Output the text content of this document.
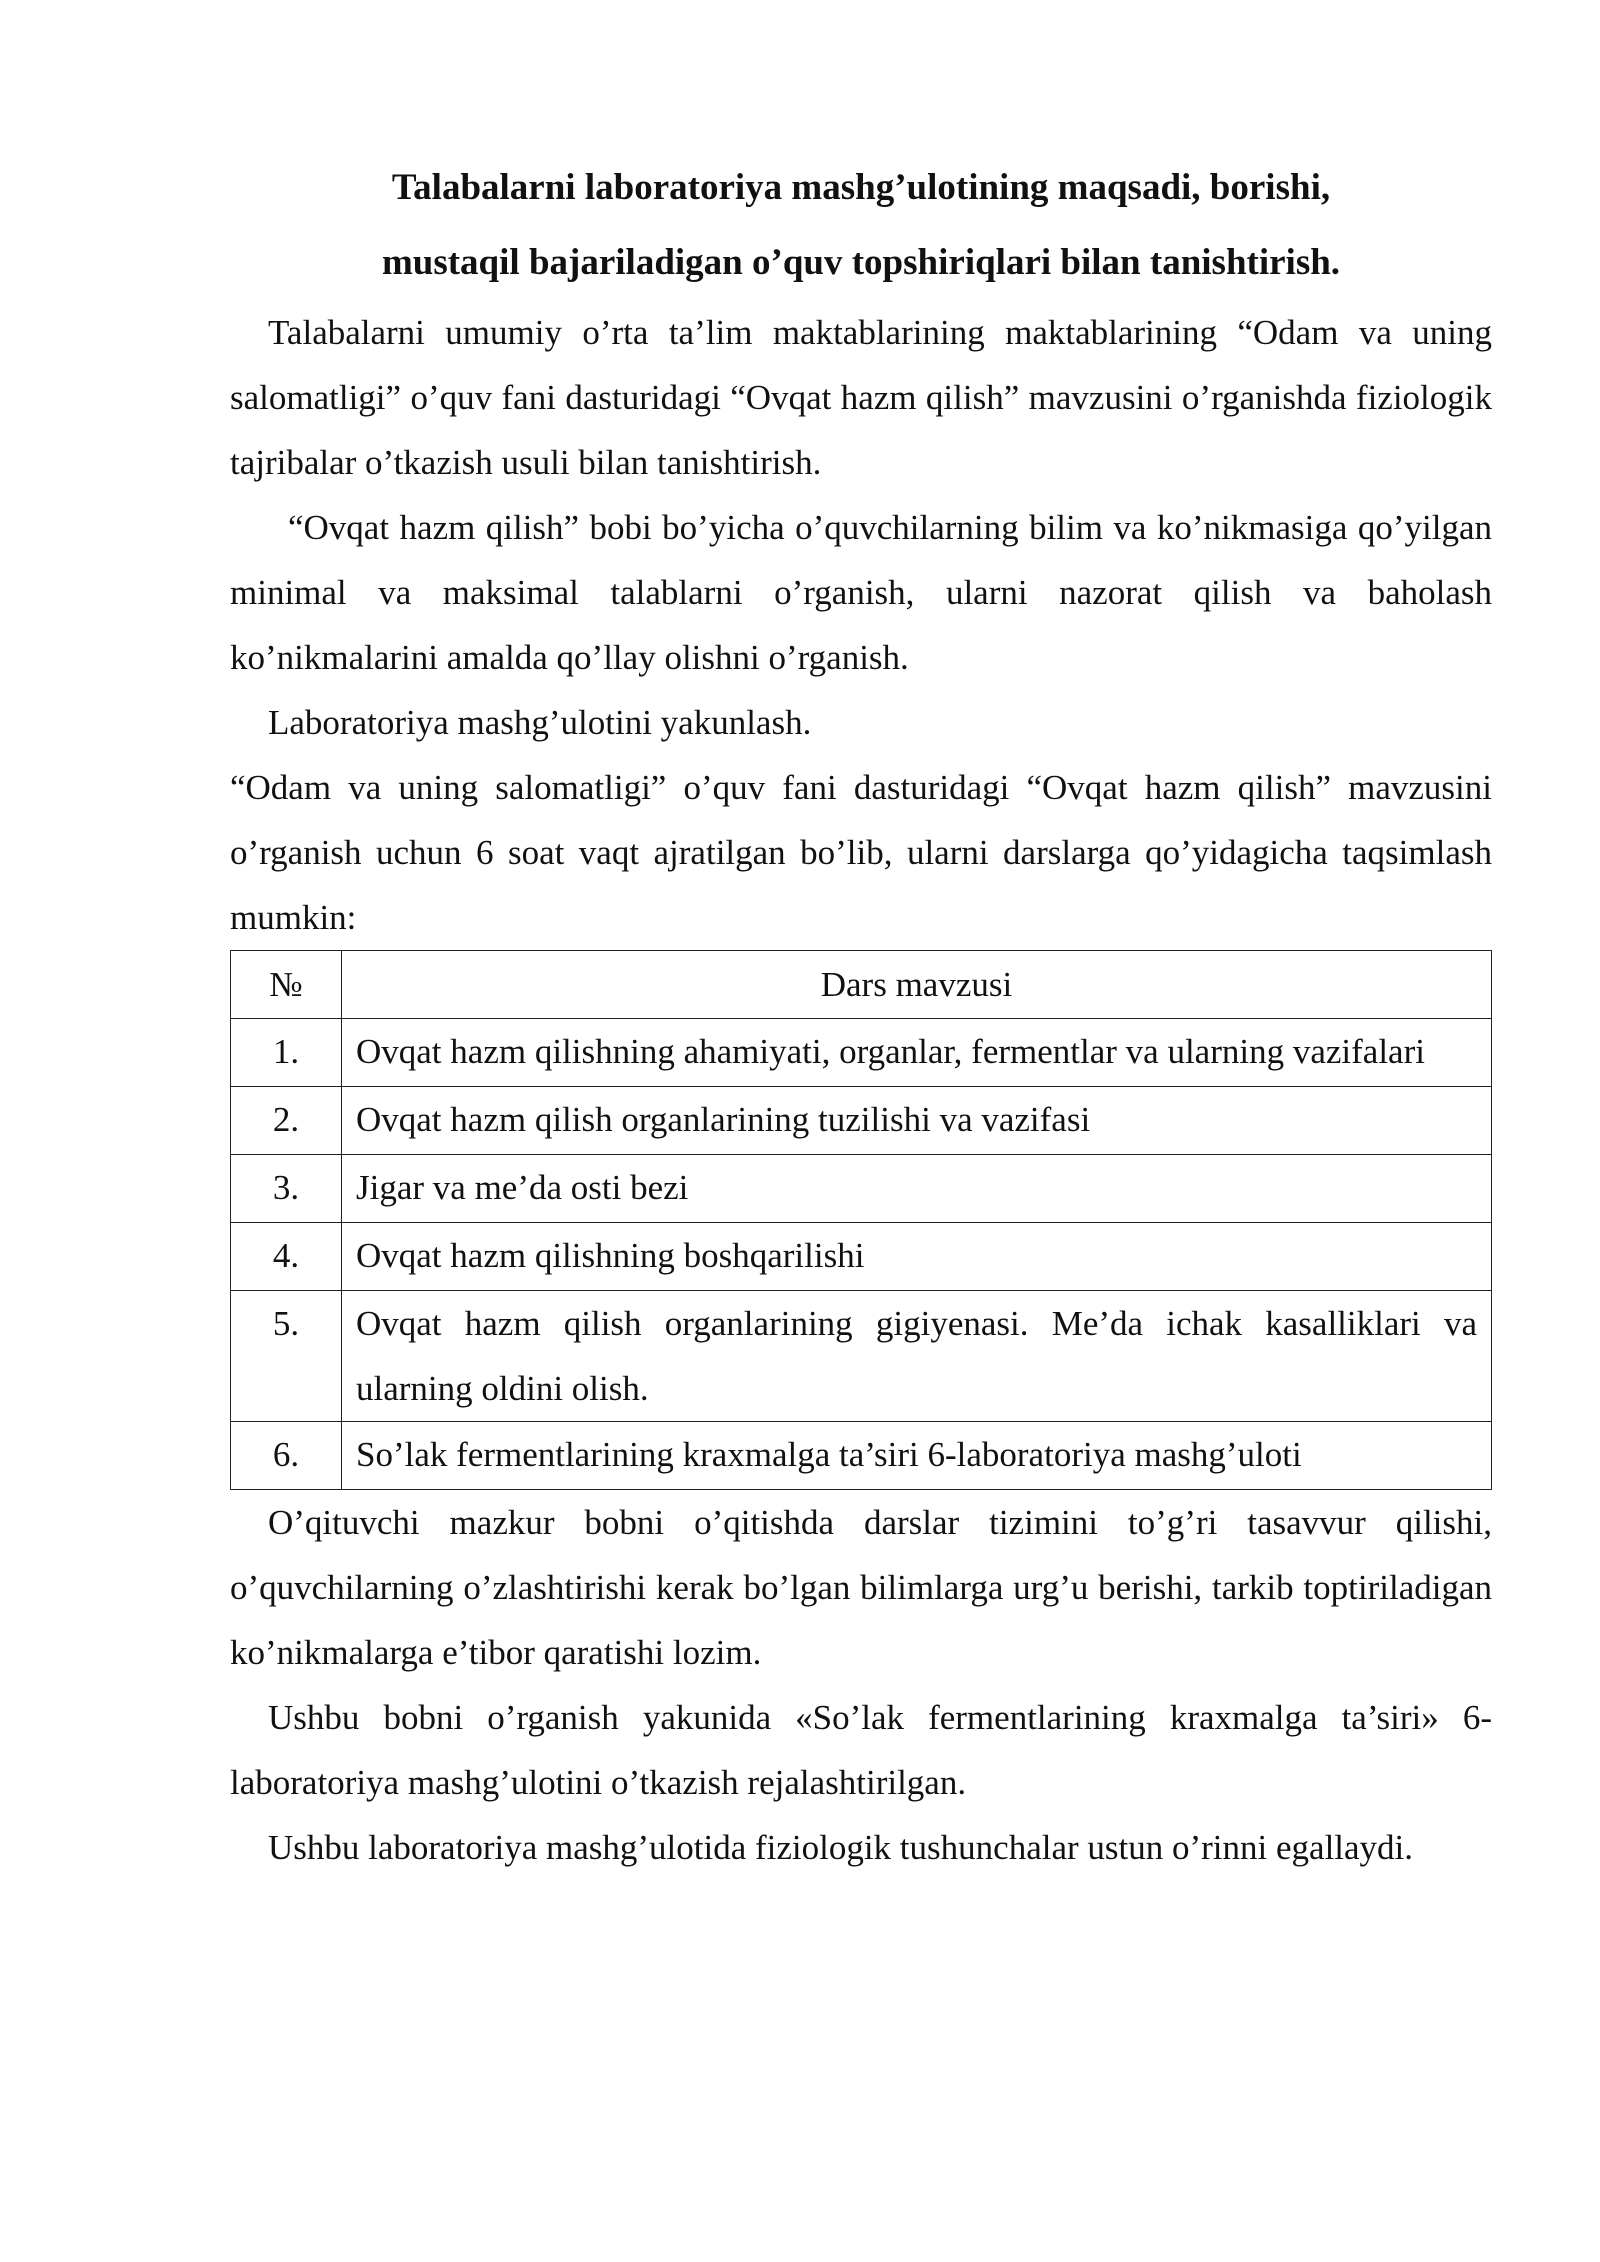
Talabalarni laboratoriya mashg’ulotining maqsadi, borishi,
mustaqil bajariladigan o’quv topshiriqlari bilan tanishtirish.

Talabalarni umumiy o’rta ta’lim maktablarining maktablarining “Odam va uning salomatligi” o’quv fani dasturidagi “Ovqat hazm qilish” mavzusini o’rganishda fiziologik tajribalar o’tkazish usuli bilan tanishtirish.

“Ovqat hazm qilish” bobi bo’yicha o’quvchilarning bilim va ko’nikmasiga qo’yilgan minimal va maksimal talablarni o’rganish, ularni nazorat qilish va baholash ko’nikmalarini amalda qo’llay olishni o’rganish.

Laboratoriya mashg’ulotini yakunlash.

“Odam va uning salomatligi” o’quv fani dasturidagi “Ovqat hazm qilish” mavzusini o’rganish uchun 6 soat vaqt ajratilgan bo’lib, ularni darslarga qo’yidagicha taqsimlash mumkin:

№	Dars mavzusi
1.	Ovqat hazm qilishning ahamiyati, organlar, fermentlar va ularning vazifalari
2.	Ovqat hazm qilish organlarining tuzilishi va vazifasi
3.	Jigar va me’da osti bezi
4.	Ovqat hazm qilishning boshqarilishi
5.	Ovqat hazm qilish organlarining gigiyenasi. Me’da ichak kasalliklari va ularning oldini olish.
6.	So’lak fermentlarining kraxmalga ta’siri 6-laboratoriya mashg’uloti

O’qituvchi mazkur bobni o’qitishda darslar tizimini to’g’ri tasavvur qilishi, o’quvchilarning o’zlashtirishi kerak bo’lgan bilimlarga urg’u berishi, tarkib toptiriladigan ko’nikmalarga e’tibor qaratishi lozim.

Ushbu bobni o’rganish yakunida «So’lak fermentlarining kraxmalga ta’siri» 6-laboratoriya mashg’ulotini o’tkazish rejalashtirilgan.

Ushbu laboratoriya mashg’ulotida fiziologik tushunchalar ustun o’rinni egallaydi.
